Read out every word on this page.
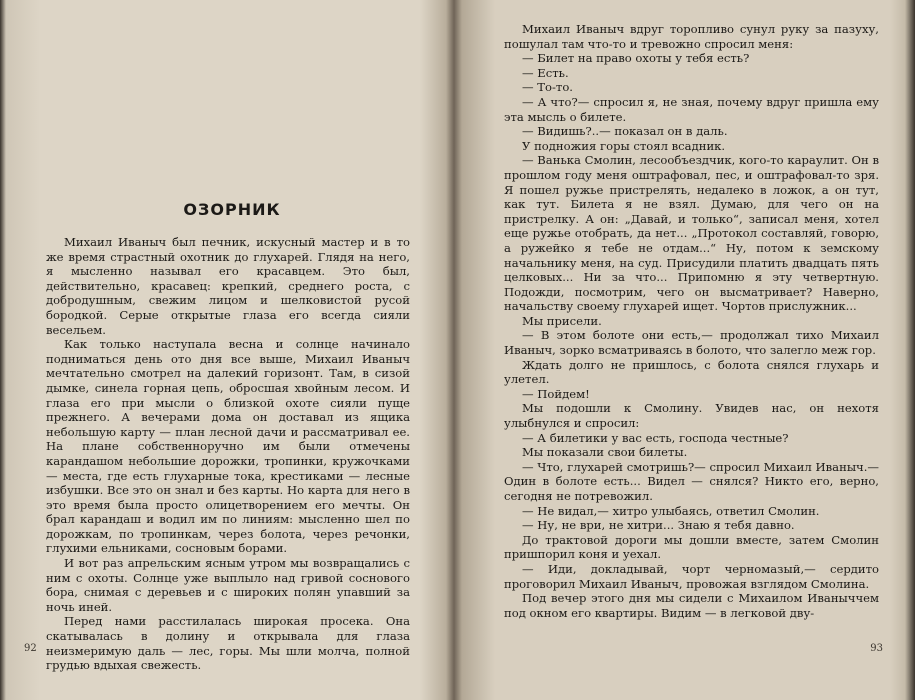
ОЗОРНИК

Михаил Иваныч был печник, искусный мастер и в то же время страстный охотник до глухарей. Глядя на него, я мысленно называл его красавцем. Это был, действительно, красавец: крепкий, среднего роста, с добродушным, свежим лицом и шелковистой русой бородкой. Серые открытые глаза его всегда сияли весельем.

Как только наступала весна и солнце начинало подниматься день ото дня все выше, Михаил Иваныч мечтательно смотрел на далекий горизонт. Там, в сизой дымке, синела горная цепь, обросшая хвойным лесом. И глаза его при мысли о близкой охоте сияли пуще прежнего. А вечерами дома он доставал из ящика небольшую карту — план лесной дачи и рассматривал ее. На плане собственноручно им были отмечены карандашом небольшие дорожки, тропинки, кружочками — места, где есть глухарные тока, крестиками — лесные избушки. Все это он знал и без карты. Но карта для него в это время была просто олицетворением его мечты. Он брал карандаш и водил им по линиям: мысленно шел по дорожкам, по тропинкам, через болота, через речонки, глухими ельниками, сосновым борами.

И вот раз апрельским ясным утром мы возвращались с ним с охоты. Солнце уже выплыло над гривой соснового бора, снимая с деревьев и с широких полян упавший за ночь иней.

Перед нами расстилалась широкая просека. Она скатывалась в долину и открывала для глаза неизмеримую даль — лес, горы. Мы шли молча, полной грудью вдыхая свежесть.

92

Михаил Иваныч вдруг торопливо сунул руку за пазуху, пошулал там что-то и тревожно спросил меня:

— Билет на право охоты у тебя есть?

— Есть.

— То-то.

— А что?— спросил я, не зная, почему вдруг пришла ему эта мысль о билете.

— Видишь?..— показал он в даль.

У подножия горы стоял всадник.

— Ванька Смолин, лесообъездчик, кого-то караулит. Он в прошлом году меня оштрафовал, пес, и оштрафовал-то зря. Я пошел ружье пристрелять, недалеко в ложок, а он тут, как тут. Билета я не взял. Думаю, для чего он на пристрелку. А он: „Давай, и только“, записал меня, хотел еще ружье отобрать, да нет... „Протокол составляй, говорю, а ружейко я тебе не отдам...“ Ну, потом к земскому начальнику меня, на суд. Присудили платить двадцать пять целковых... Ни за что... Припомню я эту четвертную. Подожди, посмотрим, чего он высматривает? Наверно, начальству своему глухарей ищет. Чортов прислужник...

Мы присели.

— В этом болоте они есть,— продолжал тихо Михаил Иваныч, зорко всматриваясь в болото, что залегло меж гор.

Ждать долго не пришлось, с болота снялся глухарь и улетел.

— Пойдем!

Мы подошли к Смолину. Увидев нас, он нехотя улыбнулся и спросил:

— А билетики у вас есть, господа честные?

Мы показали свои билеты.

— Что, глухарей смотришь?— спросил Михаил Иваныч.— Один в болоте есть... Видел — снялся? Никто его, верно, сегодня не потревожил.

— Не видал,— хитро улыбаясь, ответил Смолин.

— Ну, не ври, не хитри... Знаю я тебя давно.

До трактовой дороги мы дошли вместе, затем Смолин пришпорил коня и уехал.

— Иди, докладывай, чорт черномазый,— сердито проговорил Михаил Иваныч, провожая взглядом Смолина.

Под вечер этого дня мы сидели с Михаилом Иваныччем под окном его квартиры. Видим — в легковой дву-

93
